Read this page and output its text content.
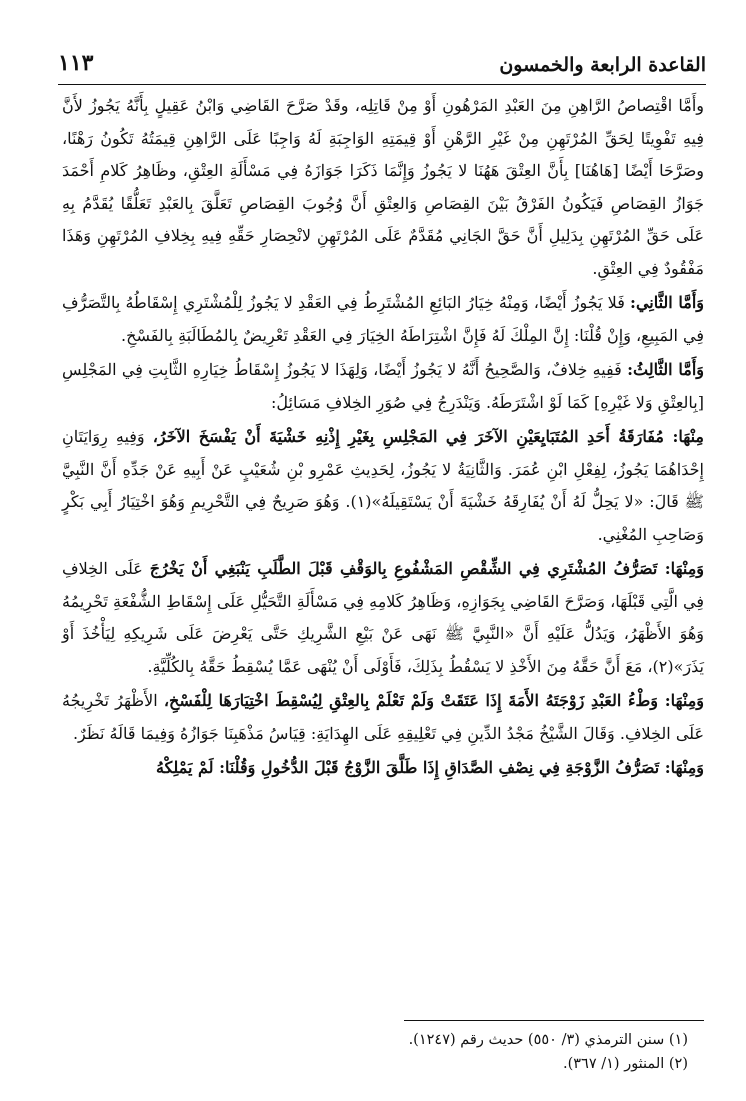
القاعدة الرابعة والخمسون
١١٣

وأَمَّا اقْتِصاصُ الرَّاهِنِ مِنَ العَبْدِ المَرْهُونِ أَوْ مِنْ قَاتِلِه، وقَدْ صَرَّحَ القَاضِي وَابْنُ عَقِيلٍ بِأَنَّهُ يَجُوزُ لأَنَّ فِيهِ تَفْوِيتًا لِحَقِّ المُرْتَهِنِ مِنْ غَيْرِ الرَّهْنِ أَوْ قِيمَتِهِ الوَاجِبَةِ لَهُ وَاجِبًا عَلَى الرَّاهِنِ قِيمَتُهُ تَكُونُ رَهْنًا، وصَرَّحَا أَيْضًا [هَاهُنَا] بِأَنَّ العِتْقَ هَهُنَا لا يَجُوزُ وَإِنَّمَا ذَكَرَا جَوَازَهُ فِي مَسْأَلَةِ العِتْقِ، وظَاهِرُ كَلامِ أَحْمَدَ جَوَازُ القِصَاصِ فَيَكُونُ الفَرْقُ بَيْنَ القِصَاصِ وَالعِتْقِ أَنَّ وُجُوبَ القِصَاصِ تَعَلَّقَ بِالعَبْدِ تَعَلُّقًا يُقَدَّمُ بِهِ عَلَى حَقِّ المُرْتَهِنِ بِدَلِيلِ أَنَّ حَقَّ الجَانِي مُقَدَّمٌ عَلَى المُرْتَهِنِ لانْحِصَارِ حَقِّهِ فِيهِ بِخِلافِ المُرْتَهِنِ وَهَذَا مَفْقُودٌ فِي العِتْقِ.

وَأَمَّا الثَّانِي: فَلا يَجُوزُ أَيْضًا، وَمِنْهُ خِيَارُ البَائِعِ المُشْتَرِطُ فِي العَقْدِ لا يَجُوزُ لِلْمُشْتَرِي إِسْقَاطُهُ بِالتَّصَرُّفِ فِي المَبِيعِ، وَإِنْ قُلْنَا: إِنَّ المِلْكَ لَهُ فَإِنَّ اشْتِرَاطَهُ الخِيَارَ فِي العَقْدِ تَعْرِيضٌ بِالمُطَالَبَةِ بِالفَسْخِ.

وَأَمَّا الثَّالِثُ: فَفِيهِ خِلافٌ، وَالصَّحِيحُ أَنَّهُ لا يَجُوزُ أَيْضًا، وَلِهَذَا لا يَجُوزُ إِسْقَاطُ خِيَارِهِ الثَّابِتِ فِي المَجْلِسِ [بِالعِتْقِ وَلا غَيْرِهِ] كَمَا لَوْ اشْتَرَطَهُ. وَيَنْدَرِجُ فِي صُوَرِ الخِلافِ مَسَائِلُ:

مِنْهَا: مُفَارَقَةُ أَحَدِ المُتَبَايِعَيْنِ الآخَرَ فِي المَجْلِسِ بِغَيْرِ إِذْنِهِ خَشْيَةَ أَنْ يَفْسَخَ الآخَرُ، وَفِيهِ رِوَايَتَانِ إِحْدَاهُمَا يَجُوزُ، لِفِعْلِ ابْنِ عُمَرَ. وَالثَّانِيَةُ لا يَجُوزُ، لِحَدِيثِ عَمْرِو بْنِ شُعَيْبٍ عَنْ أَبِيهِ عَنْ جَدِّهِ أَنَّ النَّبِيَّ ﷺ قَالَ: «لا يَحِلُّ لَهُ أَنْ يُفَارِقَهُ خَشْيَةَ أَنْ يَسْتَقِيلَهُ»(١). وَهُوَ صَرِيحٌ فِي التَّحْرِيمِ وَهُوَ اخْتِيَارُ أَبِي بَكْرٍ وَصَاحِبِ المُغْنِي.

وَمِنْهَا: تَصَرُّفُ المُشْتَرِي فِي الشِّقْصِ المَشْفُوعِ بِالوَقْفِ قَبْلَ الطَّلَبِ يَنْبَغِي أَنْ يَخْرُجَ عَلَى الخِلافِ فِي الَّتِي قَبْلَهَا، وَصَرَّحَ القَاضِي بِجَوَازِهِ، وَظَاهِرُ كَلامِهِ فِي مَسْأَلَةِ التَّحَيُّلِ عَلَى إِسْقَاطِ الشُّفْعَةِ تَحْرِيمُهُ وَهُوَ الأَظْهَرُ، وَيَدُلُّ عَلَيْهِ أَنَّ «النَّبِيَّ ﷺ نَهَى عَنْ بَيْعِ الشَّرِيكِ حَتَّى يَعْرِضَ عَلَى شَرِيكِهِ لِيَأْخُذَ أَوْ يَذَرَ»(٢)، مَعَ أَنَّ حَقَّهُ مِنَ الأَخْذِ لا يَسْقُطُ بِذَلِكَ، فَأَوْلَى أَنْ يُنْهَى عَمَّا يُسْقِطُ حَقَّهُ بِالكُلِّيَّةِ.

وَمِنْهَا: وَطْءُ العَبْدِ زَوْجَتَهُ الأَمَةَ إِذَا عَتَقَتْ وَلَمْ تَعْلَمْ بِالعِتْقِ لِيُسْقِطَ اخْتِيَارَهَا لِلْفَسْخِ، الأَظْهَرُ تَخْرِيجُهُ عَلَى الخِلافِ. وَقَالَ الشَّيْخُ مَجْدُ الدِّينِ فِي تَعْلِيقِهِ عَلَى الهِدَايَةِ: قِيَاسُ مَذْهَبِنَا جَوَازُهُ وَفِيمَا قَالَهُ نَظَرٌ.

وَمِنْهَا: تَصَرُّفُ الزَّوْجَةِ فِي نِصْفِ الصَّدَاقِ إِذَا طَلَّقَ الزَّوْجُ قَبْلَ الدُّخُولِ وَقُلْنَا: لَمْ يَمْلِكْهُ

(١) سنن الترمذي (٣/ ٥٥٠) حديث رقم (١٢٤٧).
(٢) المنثور (١/ ٣٦٧).
